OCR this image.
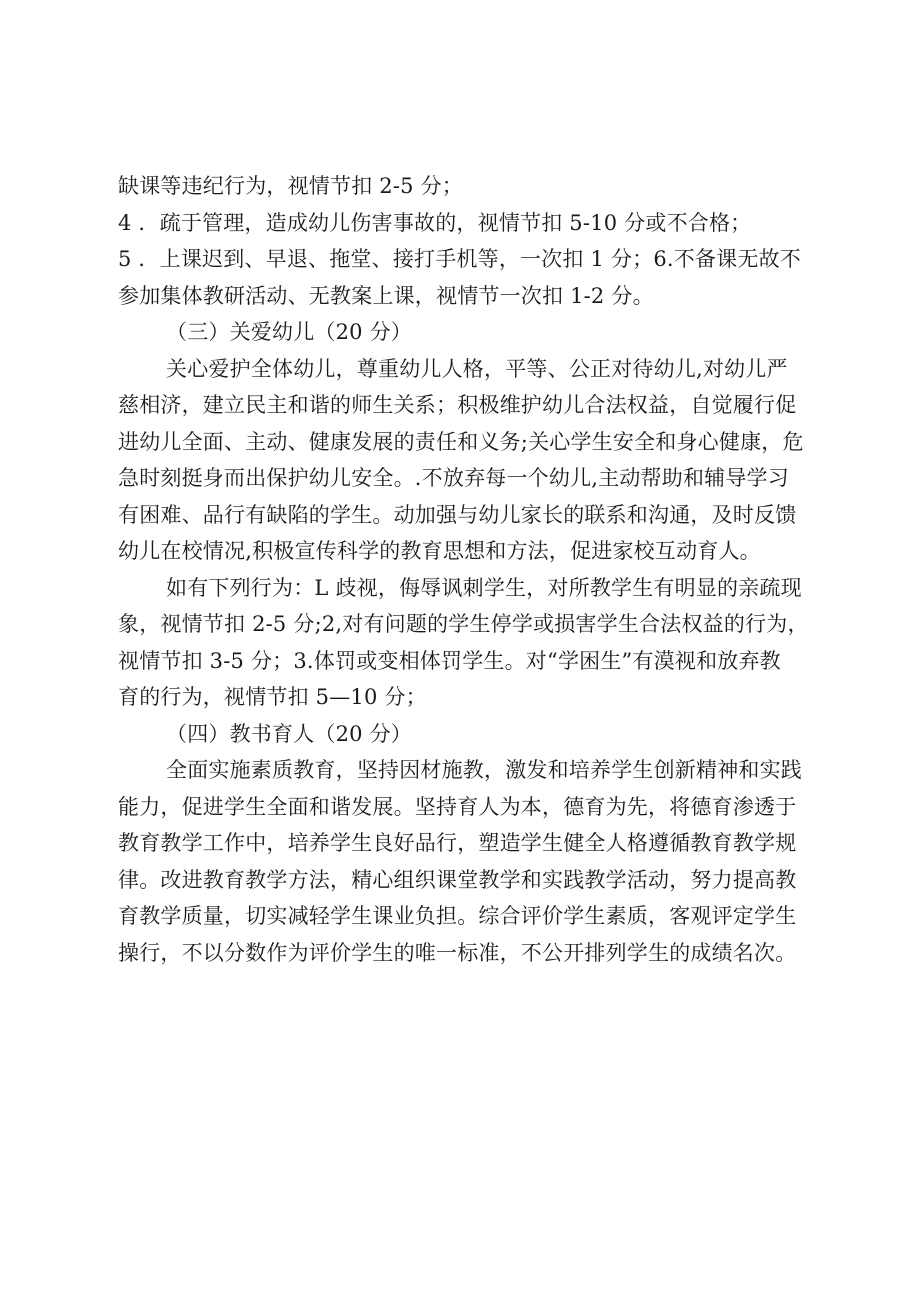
缺课等违纪行为，视情节扣 2-5 分；
4 ．疏于管理，造成幼儿伤害事故的，视情节扣 5-10 分或不合格；
5 ．上课迟到、早退、拖堂、接打手机等，一次扣 1 分；6.不备课无故不
参加集体教研活动、无教案上课，视情节一次扣 1-2 分。
（三）关爱幼儿（20 分）
关心爱护全体幼儿，尊重幼儿人格，平等、公正对待幼儿,对幼儿严
慈相济，建立民主和谐的师生关系；积极维护幼儿合法权益，自觉履行促
进幼儿全面、主动、健康发展的责任和义务;关心学生安全和身心健康，危
急时刻挺身而出保护幼儿安全。.不放弃每一个幼儿,主动帮助和辅导学习
有困难、品行有缺陷的学生。动加强与幼儿家长的联系和沟通，及时反馈
幼儿在校情况,积极宣传科学的教育思想和方法，促进家校互动育人。
如有下列行为：L 歧视，侮辱讽刺学生，对所教学生有明显的亲疏现
象，视情节扣 2-5 分;2,对有问题的学生停学或损害学生合法权益的行为，
视情节扣 3-5 分；3.体罚或变相体罚学生。对“学困生”有漠视和放弃教
育的行为，视情节扣 5—10 分；
（四）教书育人（20 分）
全面实施素质教育，坚持因材施教，激发和培养学生创新精神和实践
能力，促进学生全面和谐发展。坚持育人为本，德育为先，将德育渗透于
教育教学工作中，培养学生良好品行，塑造学生健全人格遵循教育教学规
律。改进教育教学方法，精心组织课堂教学和实践教学活动，努力提高教
育教学质量，切实减轻学生课业负担。综合评价学生素质，客观评定学生
操行，不以分数作为评价学生的唯一标准，不公开排列学生的成绩名次。
